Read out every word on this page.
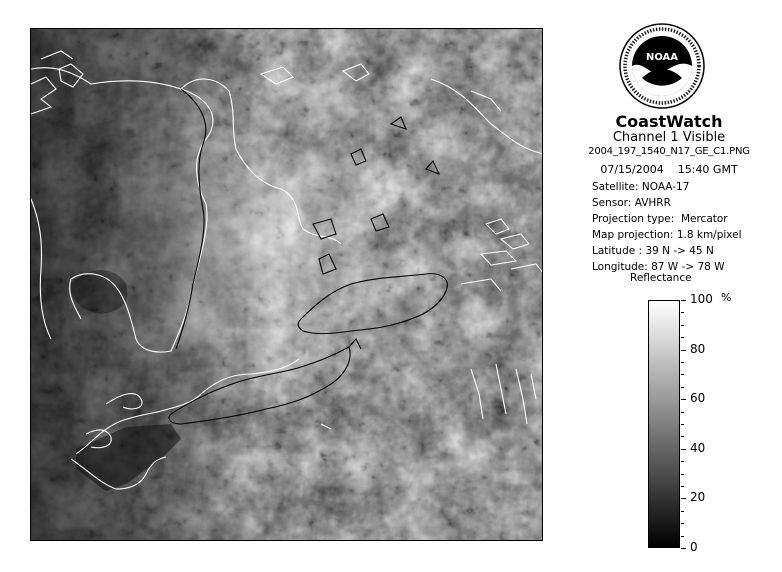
NOAA
CoastWatch
Channel 1 Visible
2004_197_1540_N17_GE_C1.PNG
07/15/2004 15:40 GMT
Satellite: NOAA-17
Sensor: AVHRR
Projection type: Mercator
Map projection: 1.8 km/pixel
Latitude : 39 N -> 45 N
Longitude: 87 W -> 78 W
Reflectance
%
100
80
60
40
20
0
